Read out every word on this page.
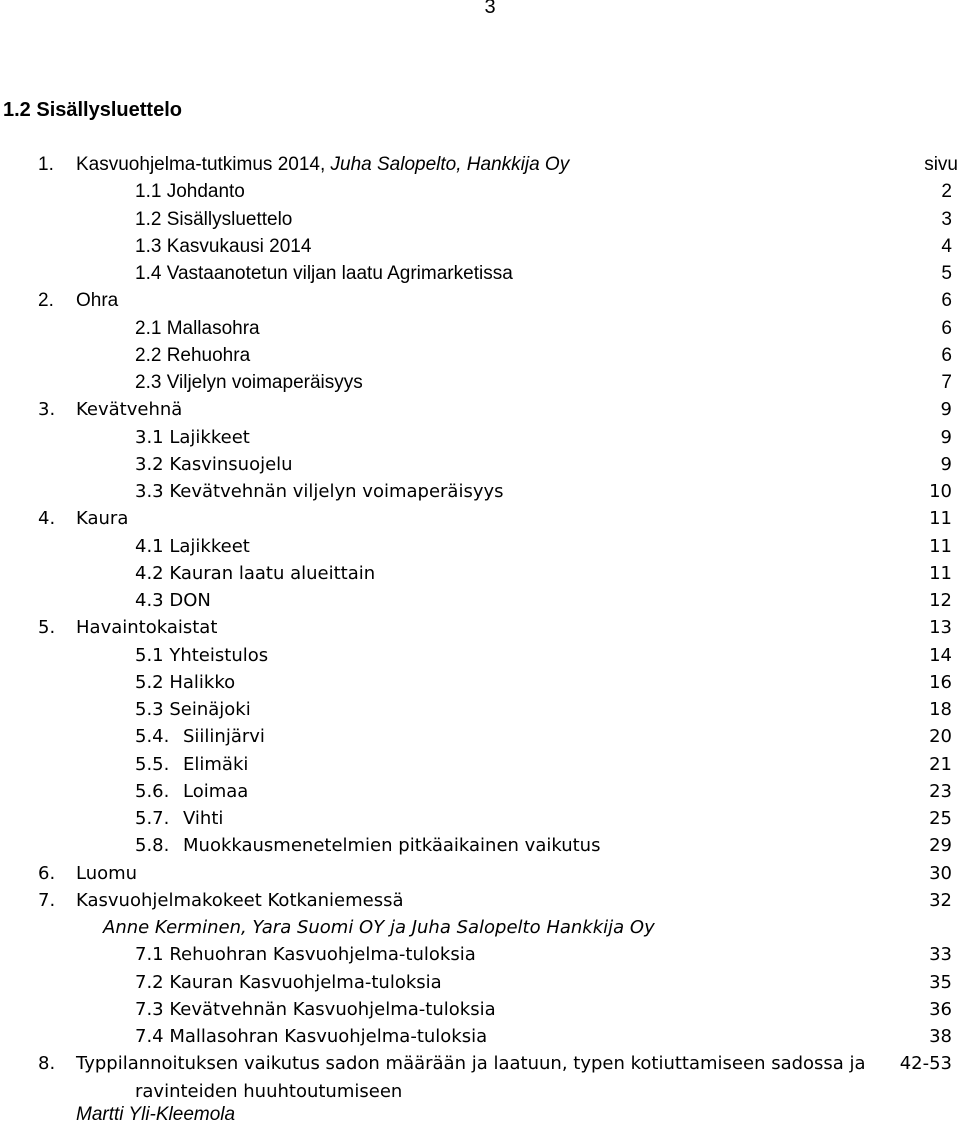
3
1.2 Sisällysluettelo
1. Kasvuohjelma-tutkimus 2014, Juha Salopelto, Hankkija Oy	sivu
1.1 Johdanto	2
1.2 Sisällysluettelo	3
1.3 Kasvukausi 2014	4
1.4 Vastaanotetun viljan laatu Agrimarketissa	5
2. Ohra	6
2.1 Mallasohra	6
2.2 Rehuohra	6
2.3 Viljelyn voimaperäisyys	7
3. Kevätvehnä	9
3.1 Lajikkeet	9
3.2 Kasvinsuojelu	9
3.3 Kevätvehnän viljelyn voimaperäisyys	10
4. Kaura	11
4.1 Lajikkeet	11
4.2 Kauran laatu alueittain	11
4.3 DON	12
5. Havaintokaistat	13
5.1 Yhteistulos	14
5.2 Halikko	16
5.3 Seinäjoki	18
5.4. Siilinjärvi	20
5.5. Elimäki	21
5.6. Loimaa	23
5.7. Vihti	25
5.8. Muokkausmenetelmien pitkäaikainen vaikutus	29
6. Luomu	30
7. Kasvuohjelmakokeet Kotkaniemessä	32
Anne Kerminen, Yara Suomi OY ja Juha Salopelto Hankkija Oy
7.1 Rehuohran Kasvuohjelma-tuloksia	33
7.2 Kauran Kasvuohjelma-tuloksia	35
7.3 Kevätvehnän Kasvuohjelma-tuloksia	36
7.4 Mallasohran Kasvuohjelma-tuloksia	38
8. Typpilannoituksen vaikutus sadon määrään ja laatuun, typen kotiuttamiseen sadossa ja 42-53
ravinteiden huuhtoutumiseen
Martti Yli-Kleemola
